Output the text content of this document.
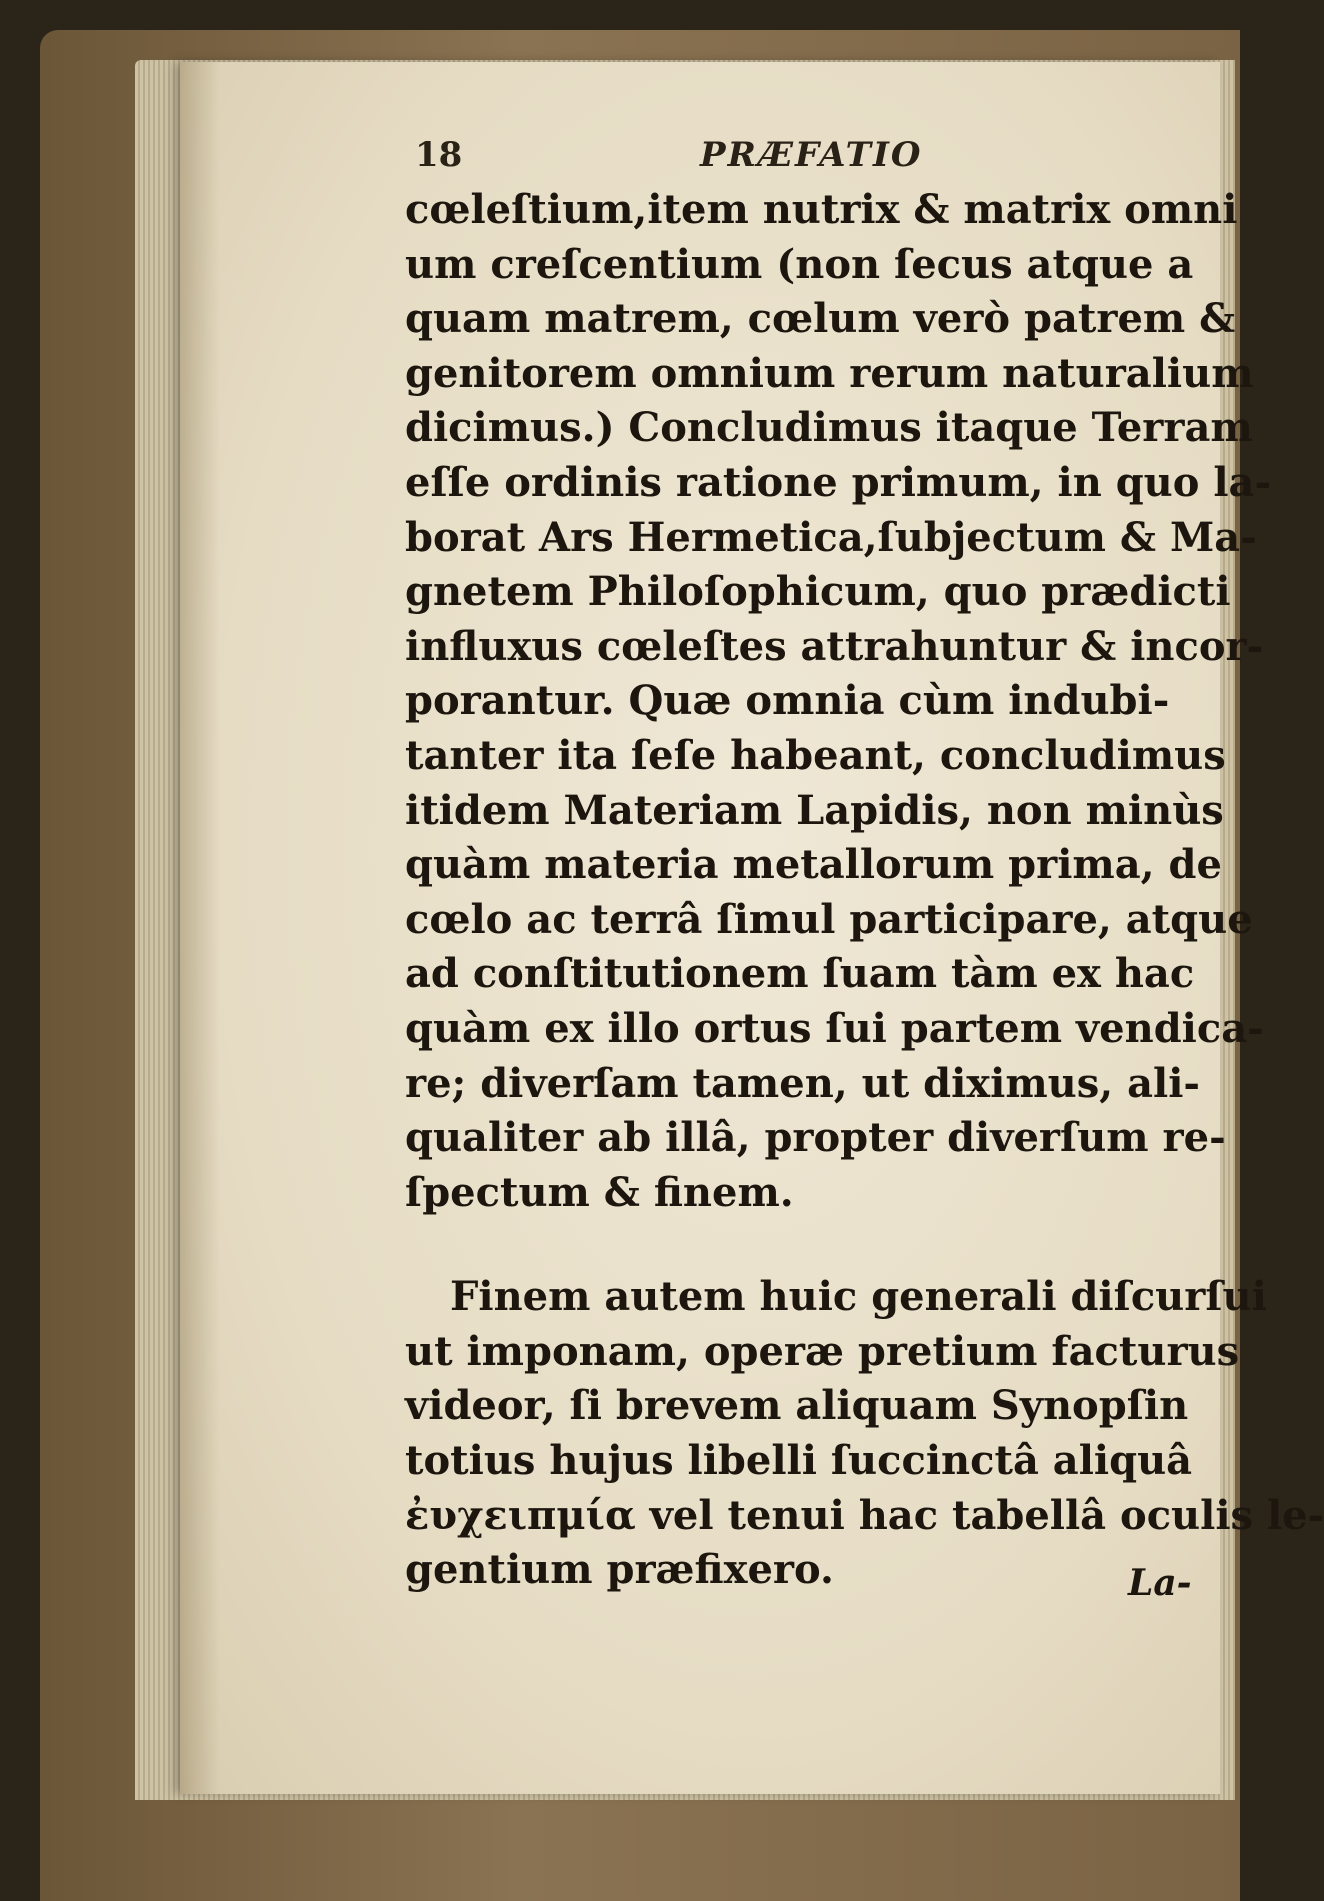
18	PRÆFATIO
cœleſtium,item nutrix & matrix omni
um creſcentium (non ſecus atque a
quam matrem, cœlum verò patrem &
genitorem omnium rerum naturalium
dicimus.) Concludimus itaque Terram
eſſe ordinis ratione primum, in quo la-
borat Ars Hermetica,ſubjectum & Ma-
gnetem Philoſophicum, quo prædicti
influxus cœleſtes attrahuntur & incor-
porantur. Quæ omnia cùm indubi-
tanter ita ſeſe habeant, concludimus
itidem Materiam Lapidis, non minùs
quàm materia metallorum prima, de
cœlo ac terrâ ſimul participare, atque
ad conſtitutionem ſuam tàm ex hac
quàm ex illo ortus ſui partem vendica-
re; diverſam tamen, ut diximus, ali-
qualiter ab illâ, propter diverſum re-
ſpectum & finem.
Finem autem huic generali diſcurſui
ut imponam, operæ pretium facturus
videor, ſi brevem aliquam Synopſin
totius hujus libelli ſuccinctâ aliquâ
ἐυχειπμία vel tenui hac tabellâ oculis le-
gentium præfixero.	La-
